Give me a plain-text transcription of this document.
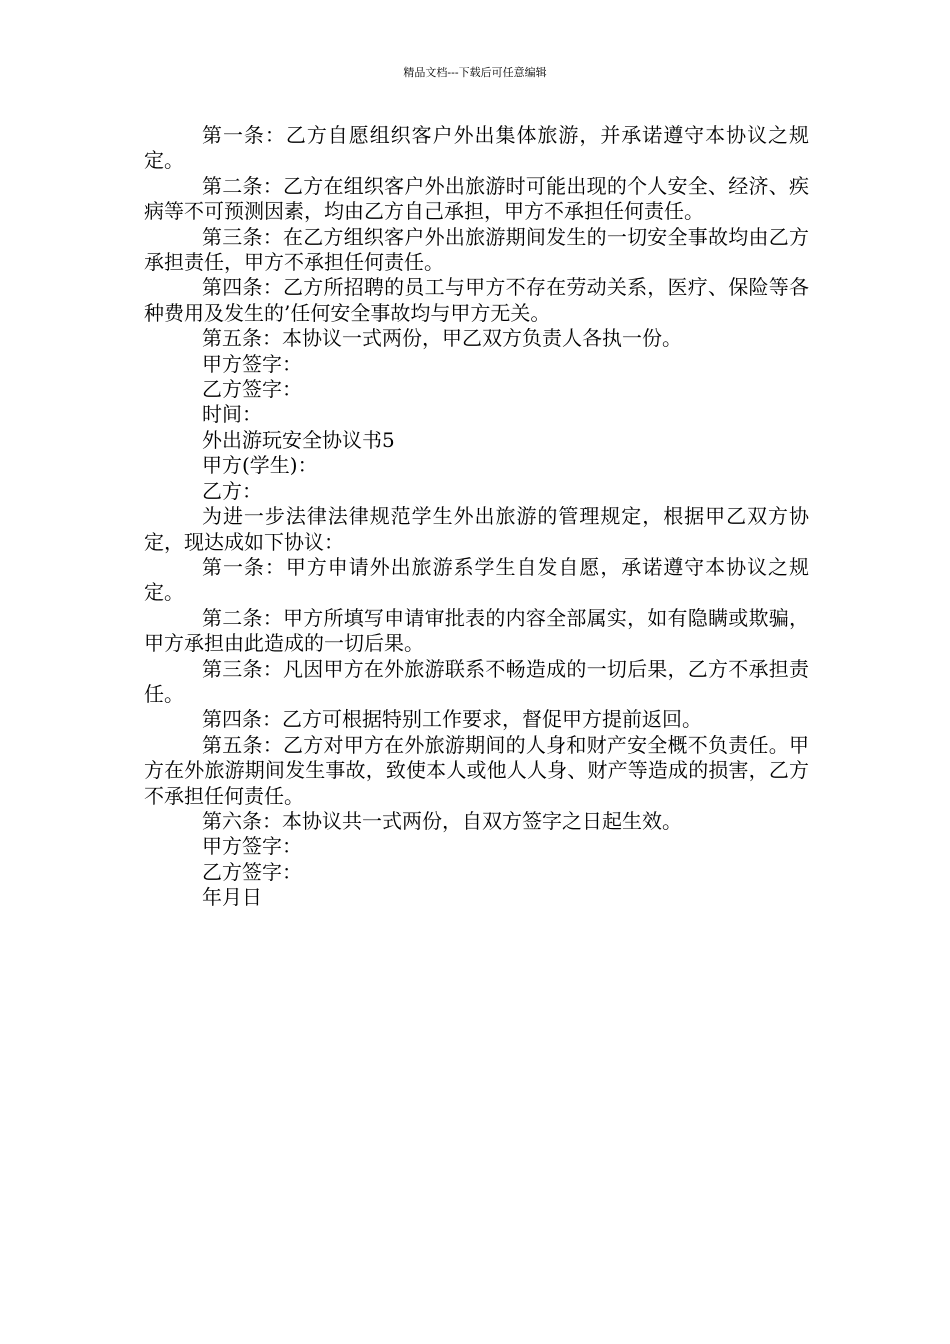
精品文档---下载后可任意编辑

第一条：乙方自愿组织客户外出集体旅游，并承诺遵守本协议之规定。

第二条：乙方在组织客户外出旅游时可能出现的个人安全、经济、疾病等不可预测因素，均由乙方自己承担，甲方不承担任何责任。

第三条：在乙方组织客户外出旅游期间发生的一切安全事故均由乙方承担责任，甲方不承担任何责任。

第四条：乙方所招聘的员工与甲方不存在劳动关系，医疗、保险等各种费用及发生的’任何安全事故均与甲方无关。

第五条：本协议一式两份，甲乙双方负责人各执一份。

甲方签字：

乙方签字：

时间：

外出游玩安全协议书5

甲方(学生)：

乙方：

为进一步法律法律规范学生外出旅游的管理规定，根据甲乙双方协定，现达成如下协议：

第一条：甲方申请外出旅游系学生自发自愿，承诺遵守本协议之规定。

第二条：甲方所填写申请审批表的内容全部属实，如有隐瞒或欺骗，甲方承担由此造成的一切后果。

第三条：凡因甲方在外旅游联系不畅造成的一切后果，乙方不承担责任。

第四条：乙方可根据特别工作要求，督促甲方提前返回。

第五条：乙方对甲方在外旅游期间的人身和财产安全概不负责任。甲方在外旅游期间发生事故，致使本人或他人人身、财产等造成的损害，乙方不承担任何责任。

第六条：本协议共一式两份，自双方签字之日起生效。

甲方签字：

乙方签字：

年月日
